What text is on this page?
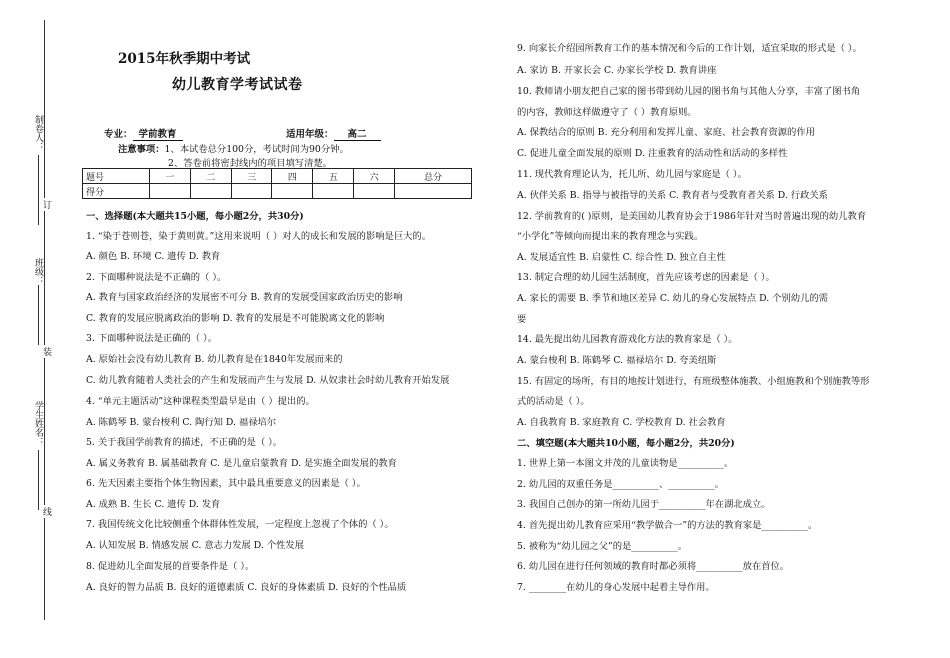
制卷人：
订
班级：
装
学生姓名：
线
2015年秋季期中考试
幼儿教育学考试试卷
专业： 学前教育	适用年级： 高二
注意事项：1、本试卷总分100分，考试时间为90分钟。
2、答卷前将密封线内的项目填写清楚。
题号	一	二	三	四	五	六	总分
得分							
一、选择题(本大题共15小题，每小题2分，共30分)
1. “染于苍则苍，染于黄则黄。”这用来说明（ ）对人的成长和发展的影响是巨大的。
A. 颜色 B. 环境 C. 遗传 D. 教育
2. 下面哪种说法是不正确的（ ）。
A. 教育与国家政治经济的发展密不可分 B. 教育的发展受国家政治历史的影响
C. 教育的发展应脱离政治的影响 D. 教育的发展是不可能脱离文化的影响
3. 下面哪种说法是正确的（ ）。
A. 原始社会没有幼儿教育 B. 幼儿教育是在1840年发展而来的
C. 幼儿教育随着人类社会的产生和发展而产生与发展 D. 从奴隶社会时幼儿教育开始发展
4. “单元主题活动”这种课程类型最早是由（ ）提出的。
A. 陈鹤琴 B. 蒙台梭利 C. 陶行知 D. 福禄培尔
5. 关于我国学前教育的描述，不正确的是（ ）。
A. 属义务教育 B. 属基础教育 C. 是儿童启蒙教育 D. 是实施全面发展的教育
6. 先天因素主要指个体生物因素，其中最具重要意义的因素是（ ）。
A. 成熟 B. 生长 C. 遗传 D. 发育
7. 我国传统文化比较侧重个体群体性发展，一定程度上忽视了个体的（ ）。
A. 认知发展 B. 情感发展 C. 意志力发展 D. 个性发展
8. 促进幼儿全面发展的首要条件是（ ）。
A. 良好的智力品质 B. 良好的道德素质 C. 良好的身体素质 D. 良好的个性品质
9. 向家长介绍园所教育工作的基本情况和今后的工作计划，适宜采取的形式是（ ）。
A. 家访 B. 开家长会 C. 办家长学校 D. 教育讲座
10. 教师请小朋友把自己家的图书带到幼儿园的图书角与其他人分享，丰富了图书角
的内容，教师这样做遵守了（ ）教育原则。
A. 保教结合的原则 B. 充分利用和发挥儿童、家庭、社会教育资源的作用
C. 促进儿童全面发展的原则 D. 注重教育的活动性和活动的多样性
11. 现代教育理论认为，托儿所、幼儿园与家庭是（ ）。
A. 伙伴关系 B. 指导与被指导的关系 C. 教育者与受教育者关系 D. 行政关系
12. 学前教育的( )原则，是美国幼儿教育协会于1986年针对当时普遍出现的幼儿教育
“小学化”等倾向而提出来的教育理念与实践。
A. 发展适宜性 B. 启蒙性 C. 综合性 D. 独立自主性
13. 制定合理的幼儿园生活制度，首先应该考虑的因素是（ ）。
A. 家长的需要 B. 季节和地区差异 C. 幼儿的身心发展特点 D. 个别幼儿的需
要
14. 最先提出幼儿园教育游戏化方法的教育家是（ ）。
A. 蒙台梭利 B. 陈鹤琴 C. 福禄培尔 D. 夸美纽斯
15. 有固定的场所，有目的地按计划进行，有班级整体施教、小组施教和个别施教等形
式的活动是（ ）。
A. 自我教育 B. 家庭教育 C. 学校教育 D. 社会教育
二、填空题(本大题共10小题，每小题2分，共20分)
1. 世界上第一本图文并茂的儿童读物是__________。
2. 幼儿园的双重任务是__________、__________。
3. 我国自己创办的第一所幼儿园于__________年在湖北成立。
4. 首先提出幼儿教育应采用“教学做合一”的方法的教育家是__________。
5. 被称为“幼儿园之父”的是__________。
6. 幼儿园在进行任何领域的教育时都必须将__________放在首位。
7. ________在幼儿的身心发展中起着主导作用。
